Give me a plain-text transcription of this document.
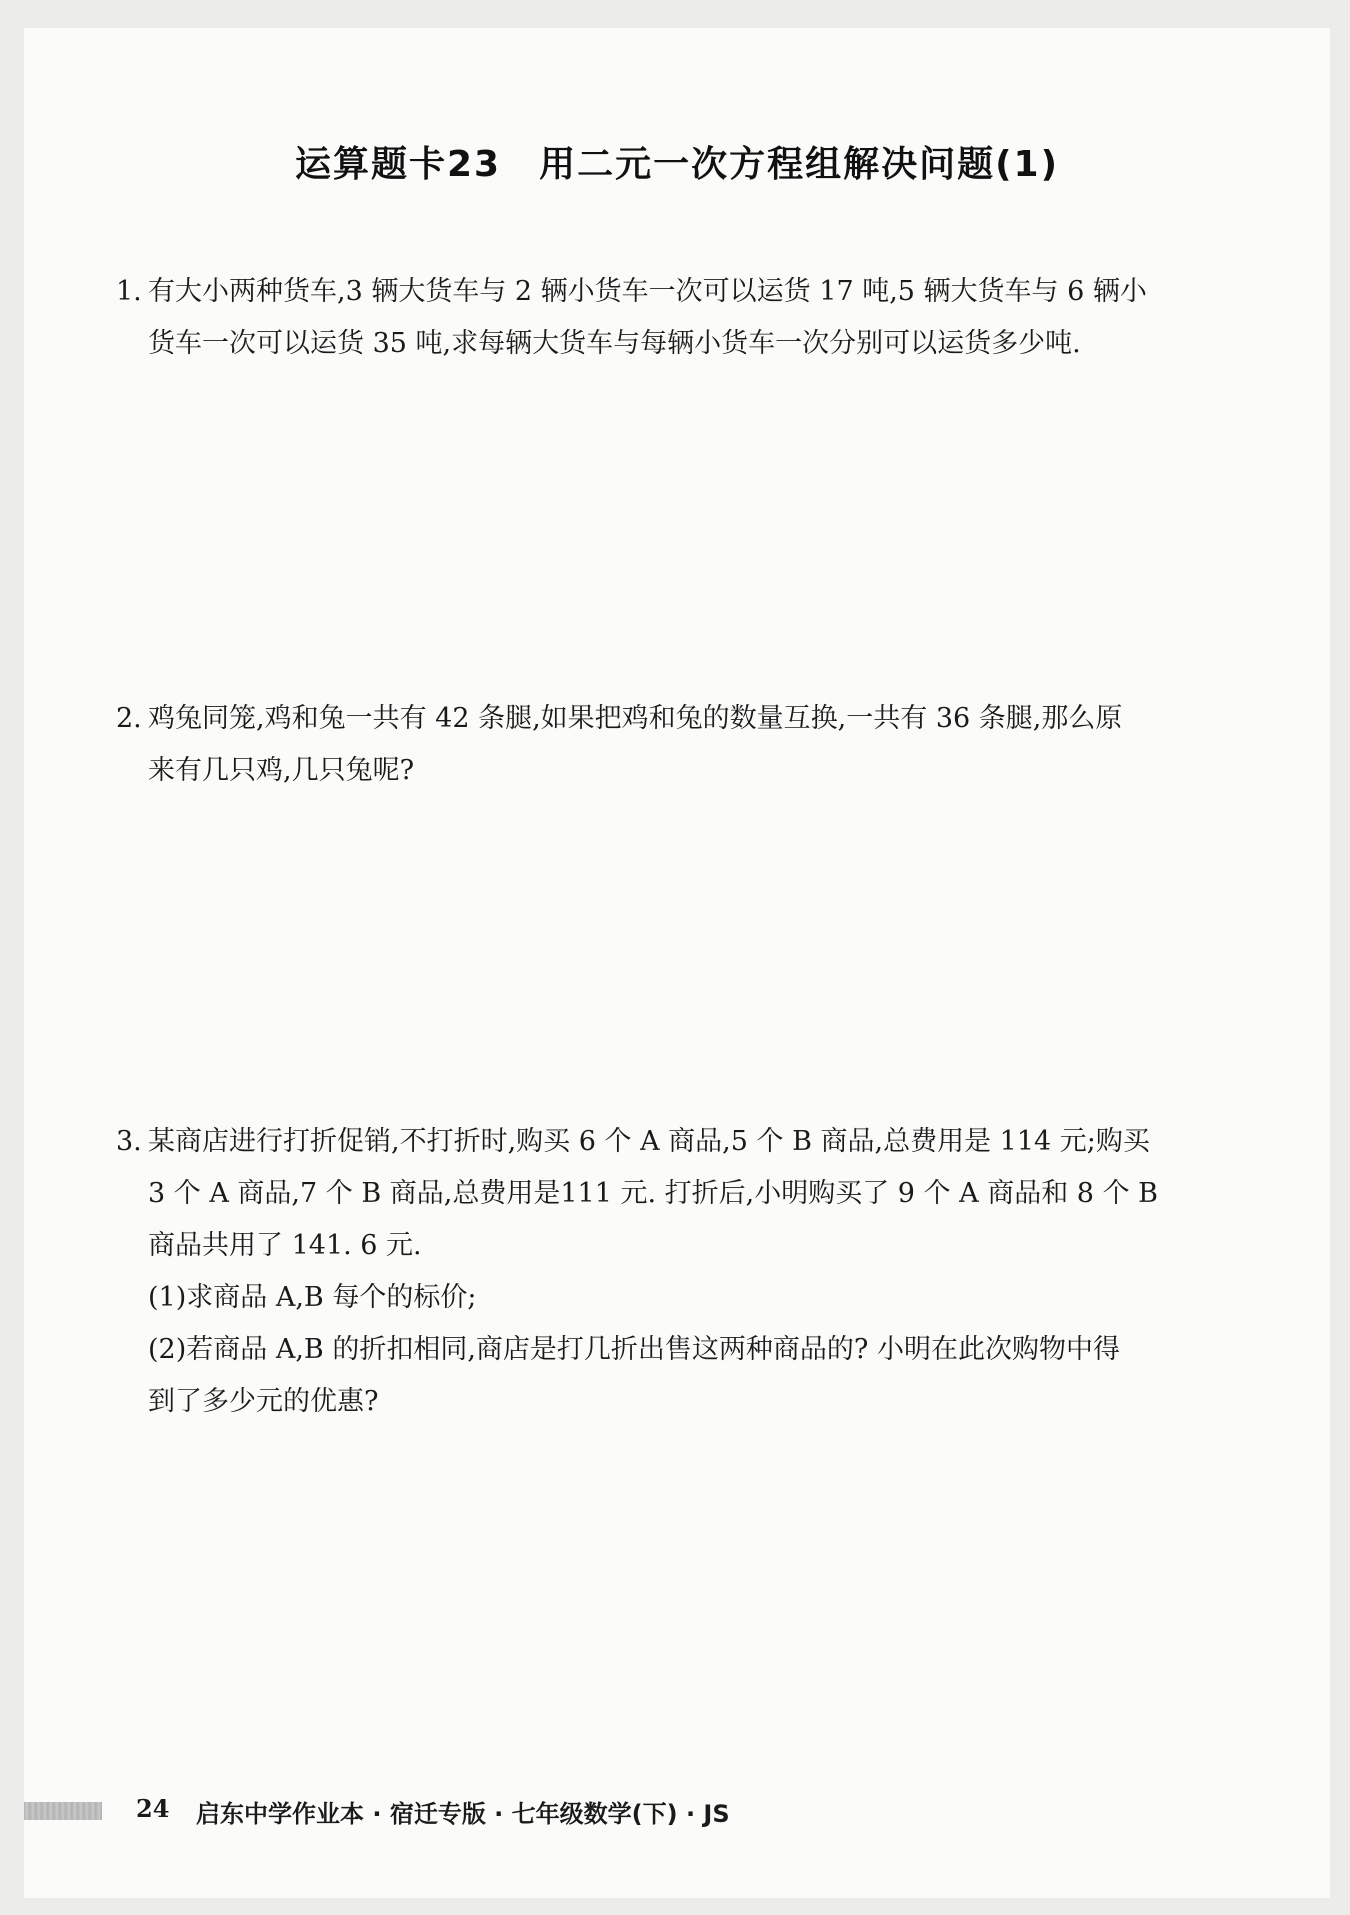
运算题卡23 用二元一次方程组解决问题(1)

1. 有大小两种货车,3 辆大货车与 2 辆小货车一次可以运货 17 吨,5 辆大货车与 6 辆小

货车一次可以运货 35 吨,求每辆大货车与每辆小货车一次分别可以运货多少吨.

2. 鸡兔同笼,鸡和兔一共有 42 条腿,如果把鸡和兔的数量互换,一共有 36 条腿,那么原

来有几只鸡,几只兔呢?

3. 某商店进行打折促销,不打折时,购买 6 个 A 商品,5 个 B 商品,总费用是 114 元;购买

3 个 A 商品,7 个 B 商品,总费用是111 元. 打折后,小明购买了 9 个 A 商品和 8 个 B

商品共用了 141. 6 元.

(1)求商品 A,B 每个的标价;

(2)若商品 A,B 的折扣相同,商店是打几折出售这两种商品的? 小明在此次购物中得

到了多少元的优惠?

24 启东中学作业本 · 宿迁专版 · 七年级数学(下) · JS
